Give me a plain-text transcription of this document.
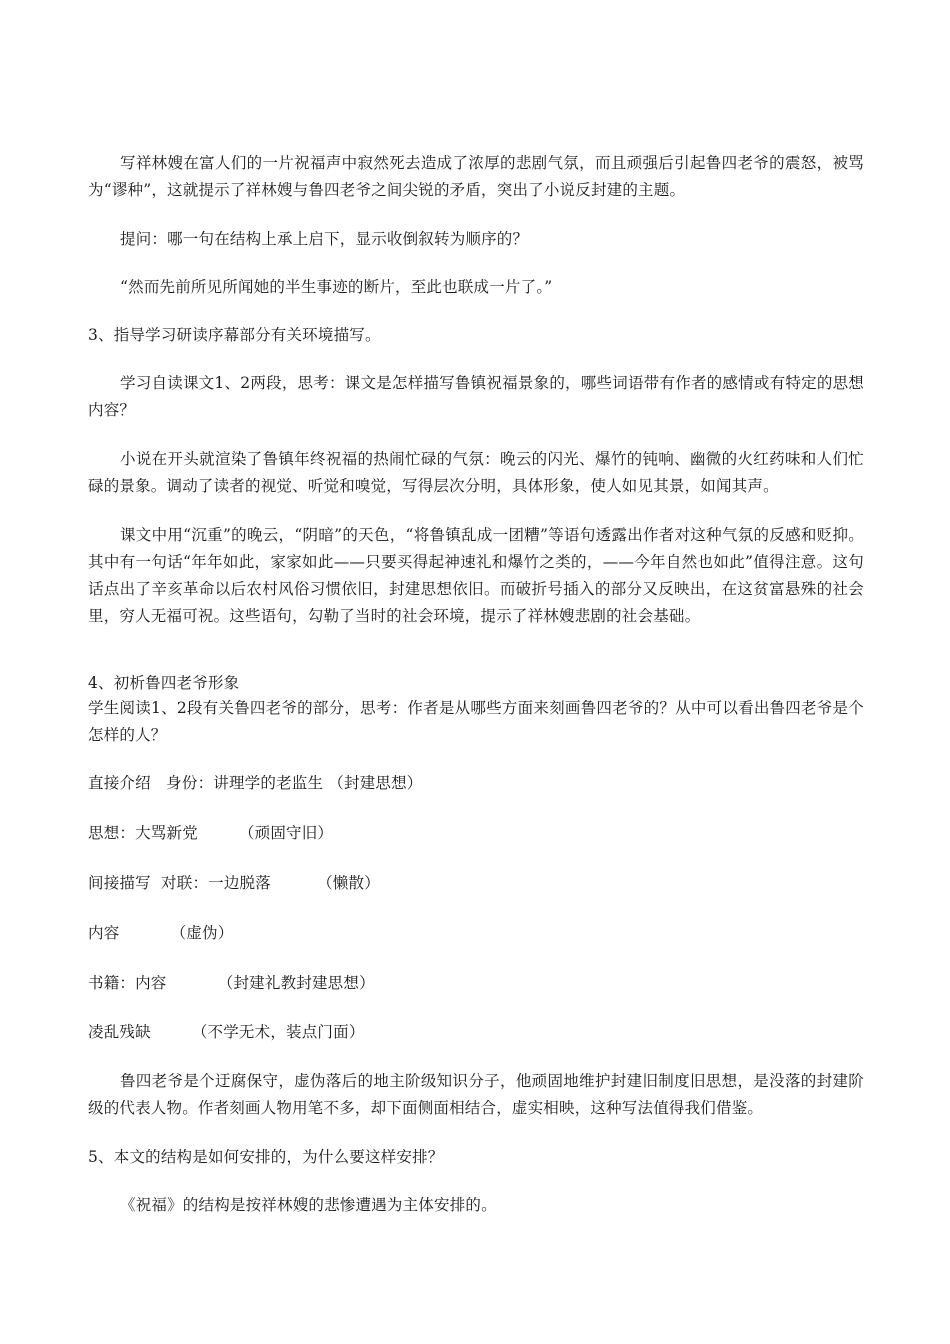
写祥林嫂在富人们的一片祝福声中寂然死去造成了浓厚的悲剧气氛，而且顽强后引起鲁四老爷的震怒，被骂为“谬种”，这就提示了祥林嫂与鲁四老爷之间尖锐的矛盾，突出了小说反封建的主题。

提问：哪一句在结构上承上启下，显示收倒叙转为顺序的？

“然而先前所见所闻她的半生事迹的断片，至此也联成一片了。”

3、指导学习研读序幕部分有关环境描写。

学习自读课文1、2两段，思考：课文是怎样描写鲁镇祝福景象的，哪些词语带有作者的感情或有特定的思想内容？

小说在开头就渲染了鲁镇年终祝福的热闹忙碌的气氛：晚云的闪光、爆竹的钝响、幽微的火红药味和人们忙碌的景象。调动了读者的视觉、听觉和嗅觉，写得层次分明，具体形象，使人如见其景，如闻其声。

课文中用“沉重”的晚云，“阴暗”的天色，“将鲁镇乱成一团糟”等语句透露出作者对这种气氛的反感和贬抑。其中有一句话“年年如此，家家如此——只要买得起神速礼和爆竹之类的，——今年自然也如此”值得注意。这句话点出了辛亥革命以后农村风俗习惯依旧，封建思想依旧。而破折号插入的部分又反映出，在这贫富悬殊的社会里，穷人无福可祝。这些语句，勾勒了当时的社会环境，提示了祥林嫂悲剧的社会基础。

4、初析鲁四老爷形象

学生阅读1、2段有关鲁四老爷的部分，思考：作者是从哪些方面来刻画鲁四老爷的？从中可以看出鲁四老爷是个怎样的人？

直接介绍   身份：讲理学的老监生 （封建思想）

思想：大骂新党        （顽固守旧）

间接描写  对联：一边脱落         （懒散）

内容          （虚伪）

书籍：内容          （封建礼教封建思想）

凌乱残缺        （不学无术，装点门面）

鲁四老爷是个迂腐保守，虚伪落后的地主阶级知识分子，他顽固地维护封建旧制度旧思想，是没落的封建阶级的代表人物。作者刻画人物用笔不多，却下面侧面相结合，虚实相映，这种写法值得我们借鉴。

5、本文的结构是如何安排的，为什么要这样安排？

《祝福》的结构是按祥林嫂的悲惨遭遇为主体安排的。
